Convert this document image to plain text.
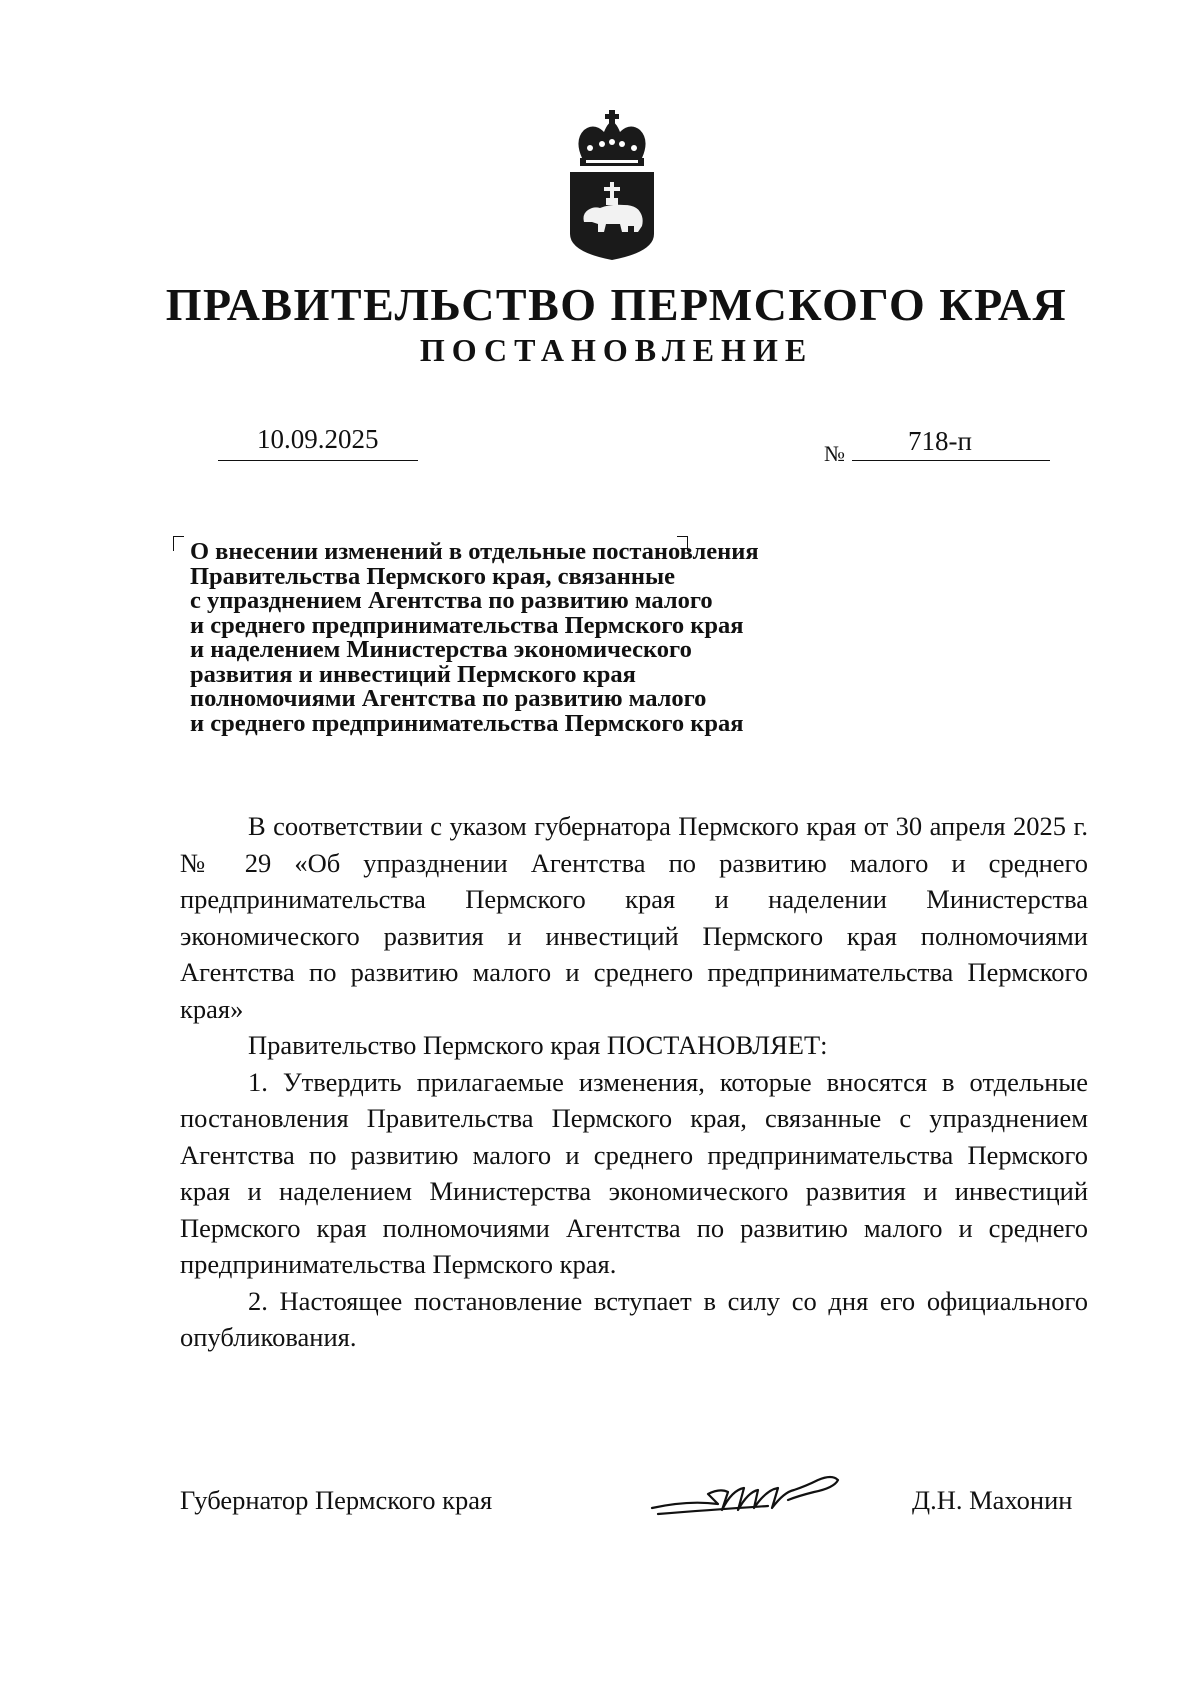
ПРАВИТЕЛЬСТВО ПЕРМСКОГО КРАЯ
ПОСТАНОВЛЕНИЕ
10.09.2025	№ 718-п
О внесении изменений в отдельные постановления
Правительства Пермского края, связанные
с упразднением Агентства по развитию малого
и среднего предпринимательства Пермского края
и наделением Министерства экономического
развития и инвестиций Пермского края
полномочиями Агентства по развитию малого
и среднего предпринимательства Пермского края

В соответствии с указом губернатора Пермского края от 30 апреля 2025 г. № 29 «Об упразднении Агентства по развитию малого и среднего предпринимательства Пермского края и наделении Министерства экономического развития и инвестиций Пермского края полномочиями Агентства по развитию малого и среднего предпринимательства Пермского края»

Правительство Пермского края ПОСТАНОВЛЯЕТ:

1. Утвердить прилагаемые изменения, которые вносятся в отдельные постановления Правительства Пермского края, связанные с упразднением Агентства по развитию малого и среднего предпринимательства Пермского края и наделением Министерства экономического развития и инвестиций Пермского края полномочиями Агентства по развитию малого и среднего предпринимательства Пермского края.

2. Настоящее постановление вступает в силу со дня его официального опубликования.

Губернатор Пермского края	Д.Н. Махонин
